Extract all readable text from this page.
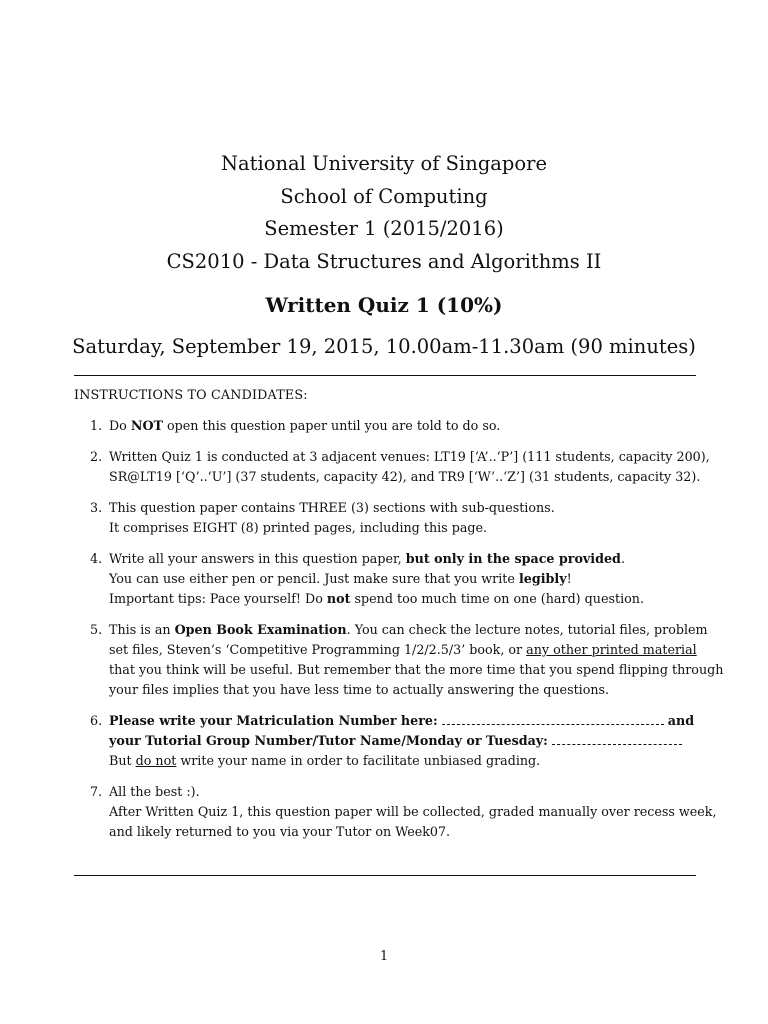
National University of Singapore
School of Computing
Semester 1 (2015/2016)
CS2010 - Data Structures and Algorithms II
Written Quiz 1 (10%)
Saturday, September 19, 2015, 10.00am-11.30am (90 minutes)
INSTRUCTIONS TO CANDIDATES:
1. Do NOT open this question paper until you are told to do so.
2. Written Quiz 1 is conducted at 3 adjacent venues: LT19 [‘A’..‘P’] (111 students, capacity 200),
SR@LT19 [‘Q’..‘U’] (37 students, capacity 42), and TR9 [‘W’..‘Z’] (31 students, capacity 32).
3. This question paper contains THREE (3) sections with sub-questions.
It comprises EIGHT (8) printed pages, including this page.
4. Write all your answers in this question paper, but only in the space provided.
You can use either pen or pencil. Just make sure that you write legibly!
Important tips: Pace yourself! Do not spend too much time on one (hard) question.
5. This is an Open Book Examination. You can check the lecture notes, tutorial files, problem
set files, Steven’s ‘Competitive Programming 1/2/2.5/3’ book, or any other printed material
that you think will be useful. But remember that the more time that you spend flipping through
your files implies that you have less time to actually answering the questions.
6. Please write your Matriculation Number here:	and
your Tutorial Group Number/Tutor Name/Monday or Tuesday:
But do not write your name in order to facilitate unbiased grading.
7. All the best :).
After Written Quiz 1, this question paper will be collected, graded manually over recess week,
and likely returned to you via your Tutor on Week07.
1
